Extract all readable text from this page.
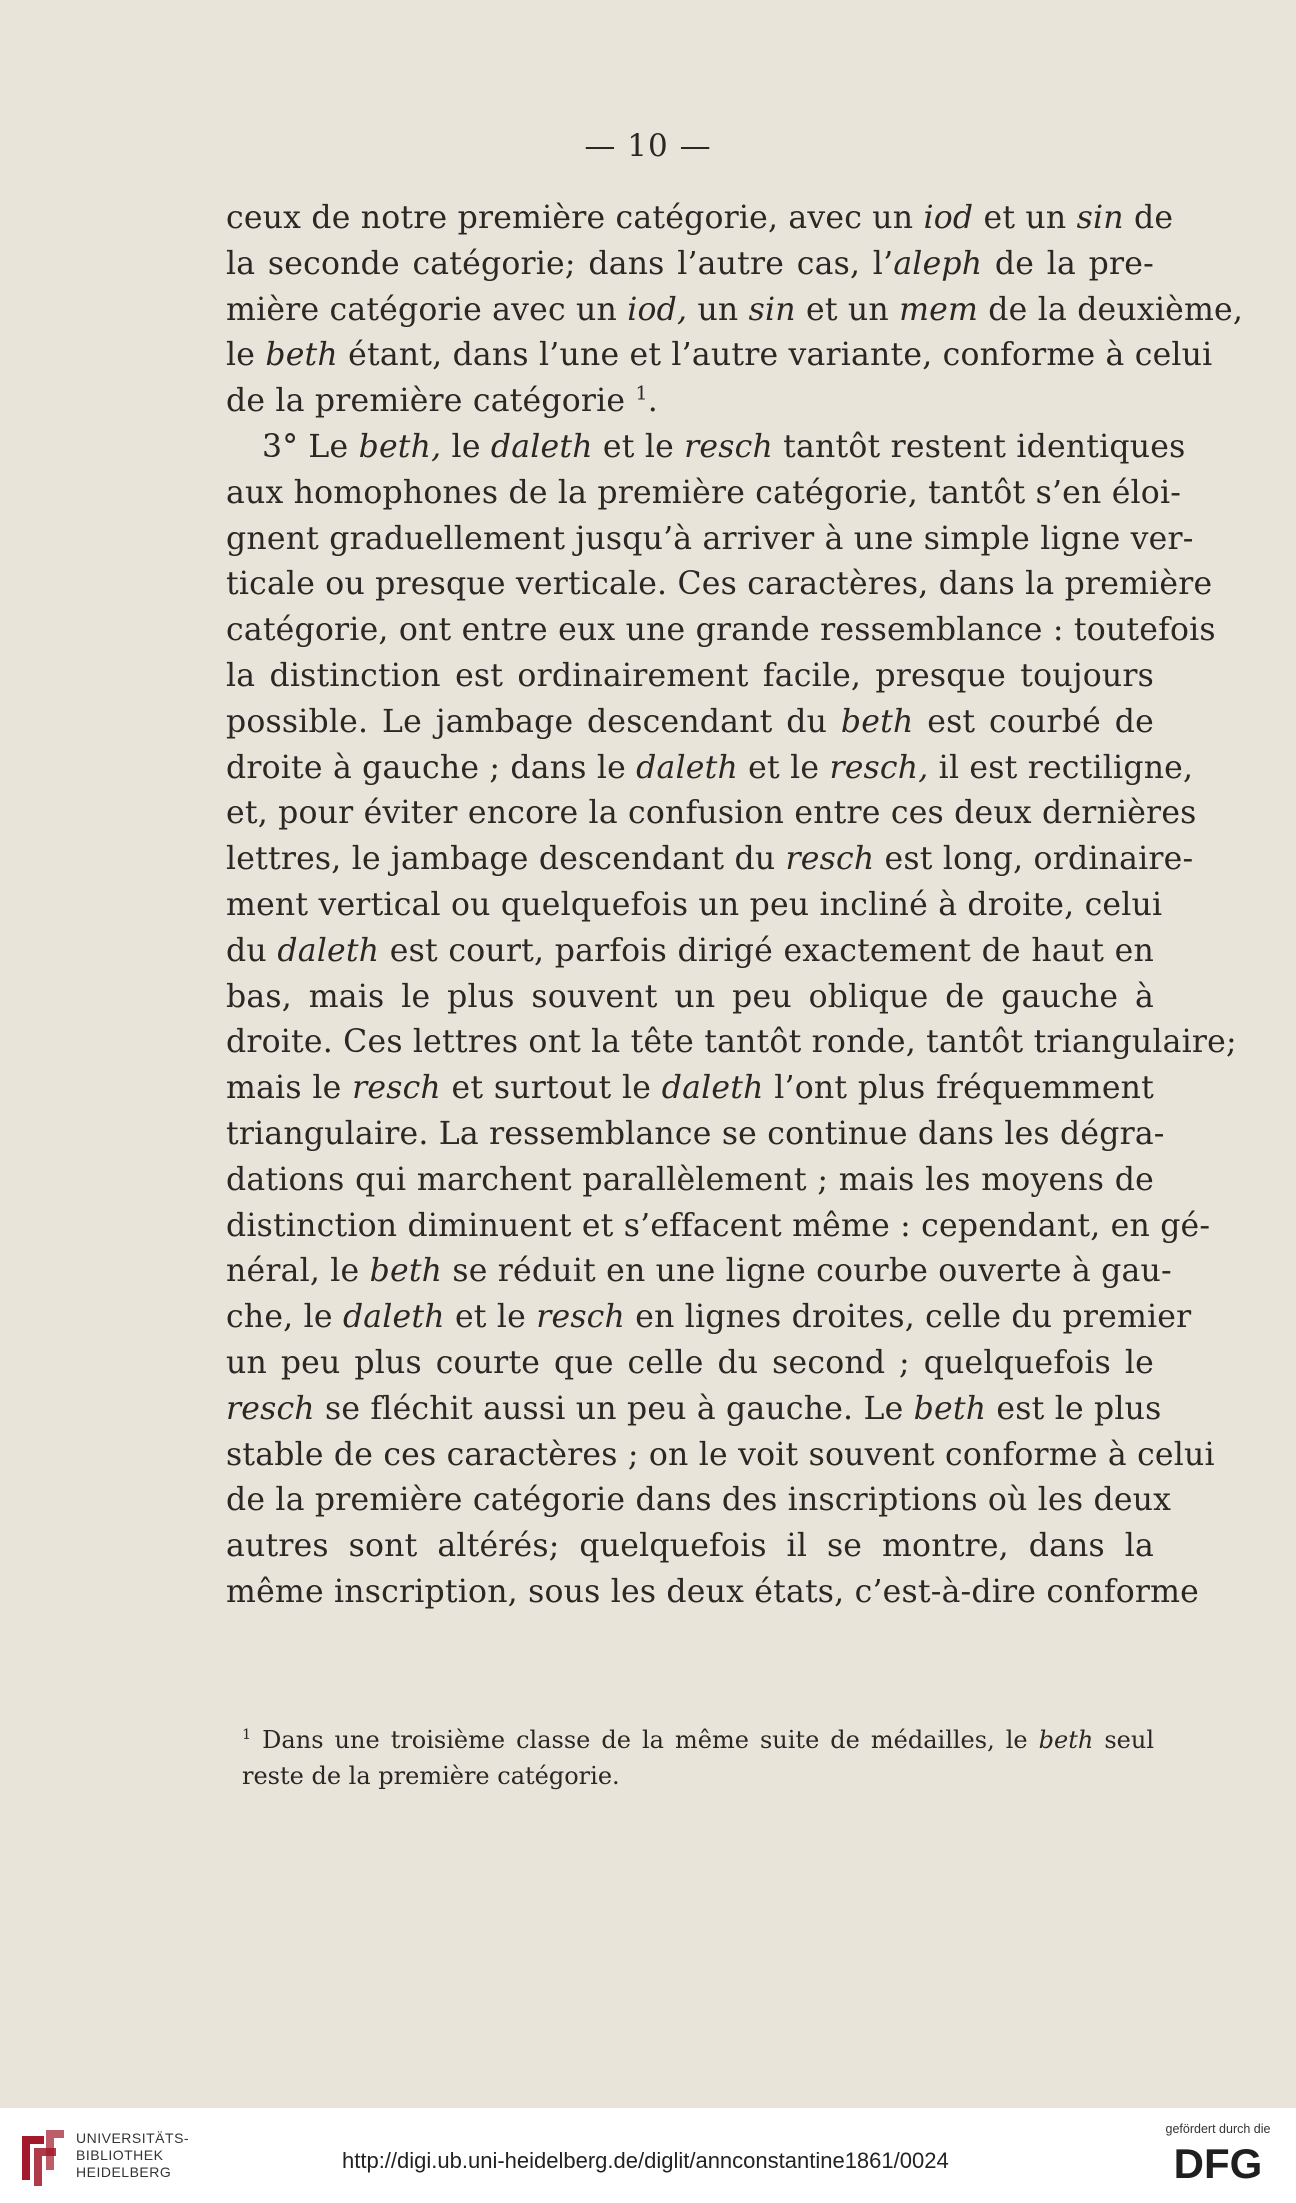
— 10 —
ceux de notre première catégorie, avec un iod et un sin de
la seconde catégorie; dans l’autre cas, l’aleph de la pre-
mière catégorie avec un iod, un sin et un mem de la deuxième,
le beth étant, dans l’une et l’autre variante, conforme à celui
de la première catégorie $^1$.
3° Le beth, le daleth et le resch tantôt restent identiques
aux homophones de la première catégorie, tantôt s’en éloi-
gnent graduellement jusqu’à arriver à une simple ligne ver-
ticale ou presque verticale. Ces caractères, dans la première
catégorie, ont entre eux une grande ressemblance : toutefois
la distinction est ordinairement facile, presque toujours
possible. Le jambage descendant du beth est courbé de
droite à gauche ; dans le daleth et le resch, il est rectiligne,
et, pour éviter encore la confusion entre ces deux dernières
lettres, le jambage descendant du resch est long, ordinaire-
ment vertical ou quelquefois un peu incliné à droite, celui
du daleth est court, parfois dirigé exactement de haut en
bas, mais le plus souvent un peu oblique de gauche à
droite. Ces lettres ont la tête tantôt ronde, tantôt triangulaire;
mais le resch et surtout le daleth l’ont plus fréquemment
triangulaire. La ressemblance se continue dans les dégra-
dations qui marchent parallèlement ; mais les moyens de
distinction diminuent et s’effacent même : cependant, en gé-
néral, le beth se réduit en une ligne courbe ouverte à gau-
che, le daleth et le resch en lignes droites, celle du premier
un peu plus courte que celle du second ; quelquefois le
resch se fléchit aussi un peu à gauche. Le beth est le plus
stable de ces caractères ; on le voit souvent conforme à celui
de la première catégorie dans des inscriptions où les deux
autres sont altérés; quelquefois il se montre, dans la
même inscription, sous les deux états, c’est-à-dire conforme
$^1$ Dans une troisième classe de la même suite de médailles, le beth seul
reste de la première catégorie.
UNIVERSITÄTS-
BIBLIOTHEK
HEIDELBERG	http://digi.ub.uni-heidelberg.de/diglit/annconstantine1861/0024
gefördert durch die
DFG
